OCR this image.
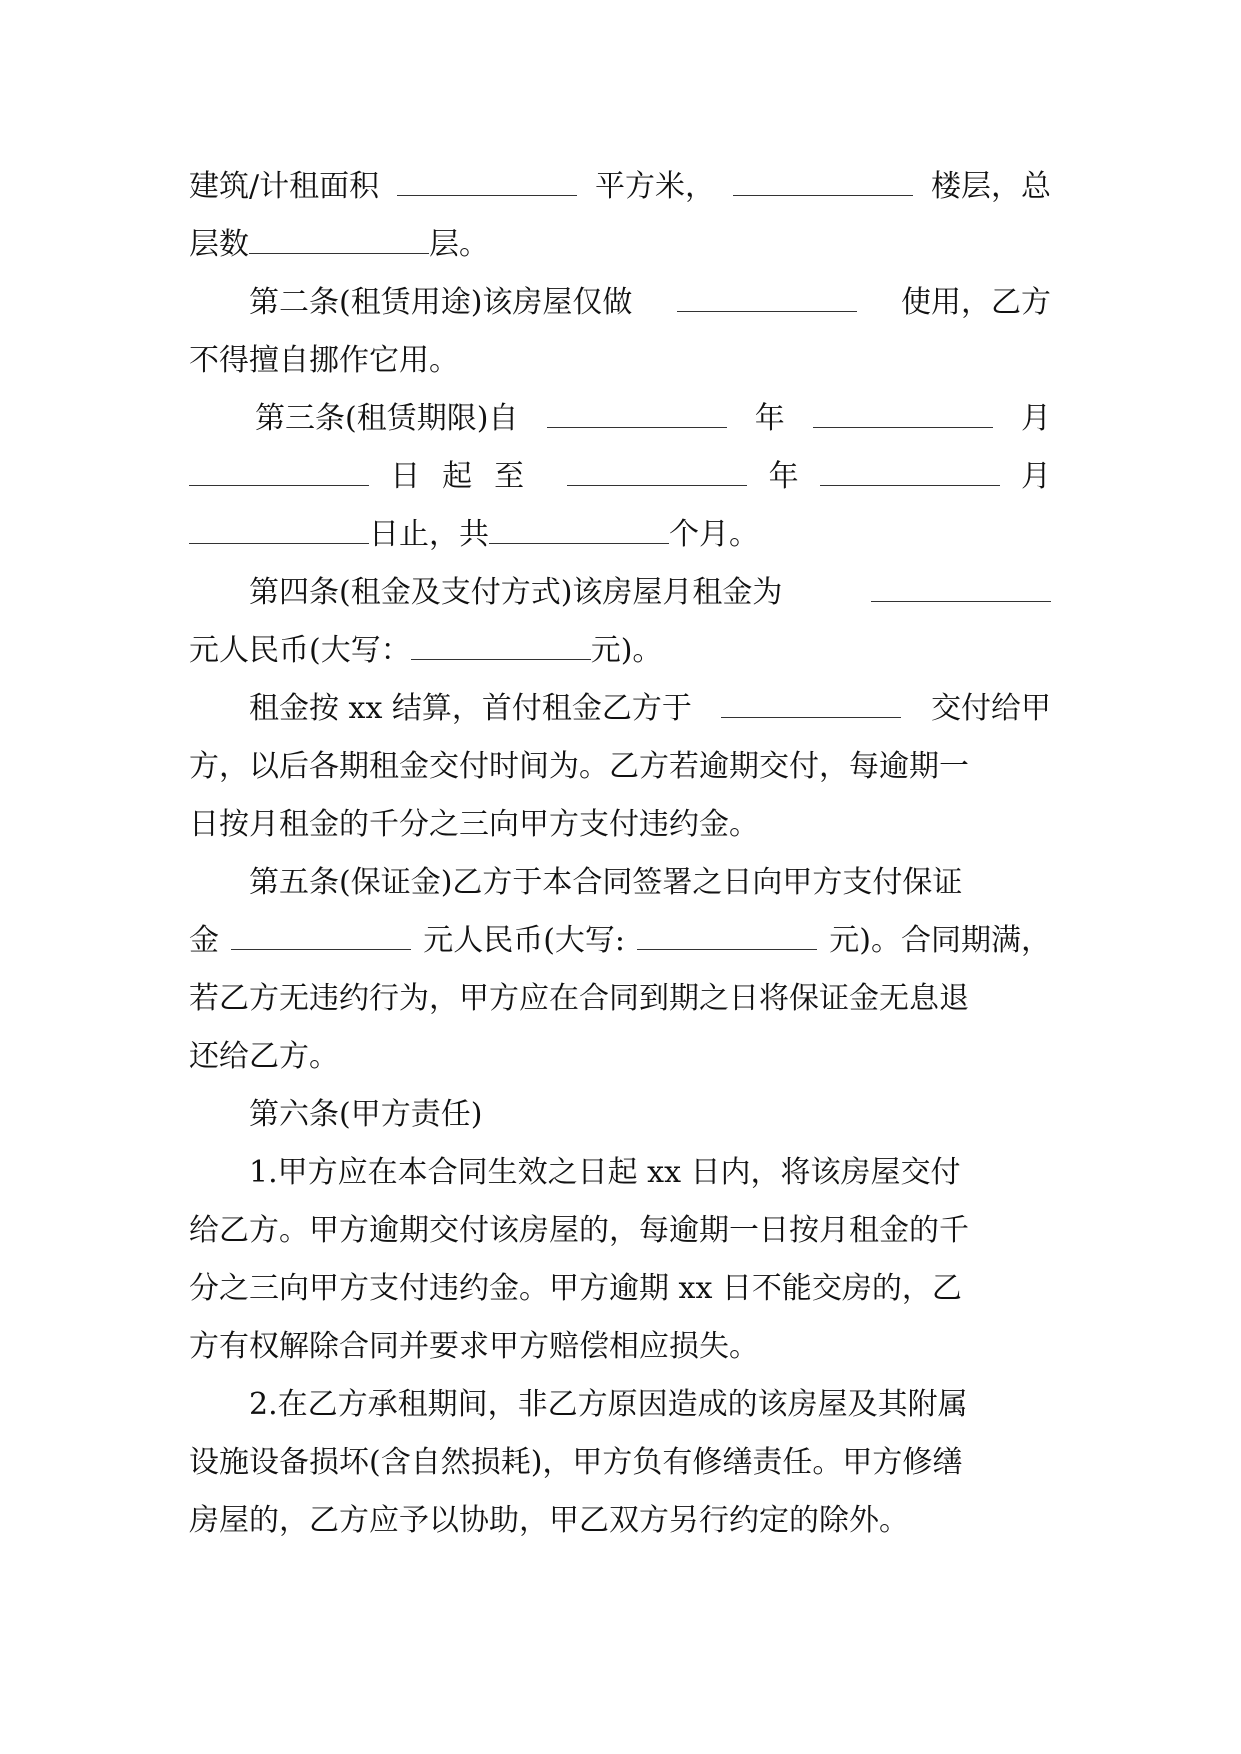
建筑/计租面积	平方米，	楼层，总
层数	层。
第二条(租赁用途)该房屋仅做	使用，乙方
不得擅自挪作它用。
第三条(租赁期限)自	年	月
日起至	年	月
日止，共	个月。
第四条(租金及支付方式)该房屋月租金为
元人民币(大写：	元)。
租金按 xx 结算，首付租金乙方于	交付给甲
方，以后各期租金交付时间为。乙方若逾期交付，每逾期一
日按月租金的千分之三向甲方支付违约金。
第五条(保证金)乙方于本合同签署之日向甲方支付保证
金	元人民币(大写:	元)。合同期满，
若乙方无违约行为，甲方应在合同到期之日将保证金无息退
还给乙方。
第六条(甲方责任)
1.甲方应在本合同生效之日起 xx 日内，将该房屋交付
给乙方。甲方逾期交付该房屋的，每逾期一日按月租金的千
分之三向甲方支付违约金。甲方逾期 xx 日不能交房的，乙
方有权解除合同并要求甲方赔偿相应损失。
2.在乙方承租期间，非乙方原因造成的该房屋及其附属
设施设备损坏(含自然损耗)，甲方负有修缮责任。甲方修缮
房屋的，乙方应予以协助，甲乙双方另行约定的除外。
